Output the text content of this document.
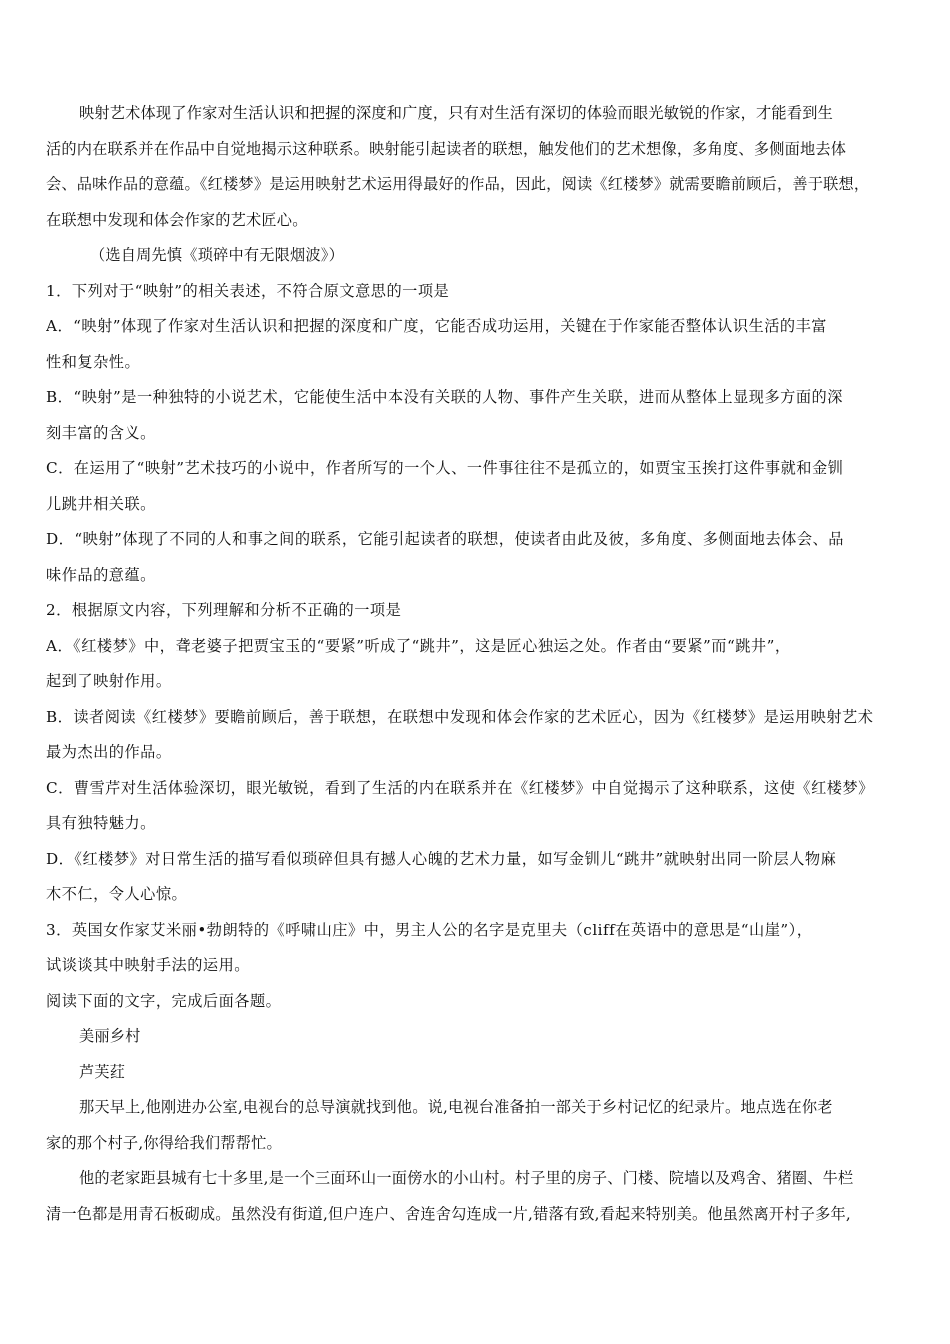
映射艺术体现了作家对生活认识和把握的深度和广度，只有对生活有深切的体验而眼光敏锐的作家，才能看到生
活的内在联系并在作品中自觉地揭示这种联系。映射能引起读者的联想，触发他们的艺术想像，多角度、多侧面地去体
会、品味作品的意蕴。《红楼梦》是运用映射艺术运用得最好的作品，因此，阅读《红楼梦》就需要瞻前顾后，善于联想，
在联想中发现和体会作家的艺术匠心。
（选自周先慎《琐碎中有无限烟波》）
1．下列对于“映射”的相关表述，不符合原文意思的一项是
A．“映射”体现了作家对生活认识和把握的深度和广度，它能否成功运用，关键在于作家能否整体认识生活的丰富
性和复杂性。
B．“映射”是一种独特的小说艺术，它能使生活中本没有关联的人物、事件产生关联，进而从整体上显现多方面的深
刻丰富的含义。
C．在运用了“映射”艺术技巧的小说中，作者所写的一个人、一件事往往不是孤立的，如贾宝玉挨打这件事就和金钏
儿跳井相关联。
D．“映射”体现了不同的人和事之间的联系，它能引起读者的联想，使读者由此及彼，多角度、多侧面地去体会、品
味作品的意蕴。
2．根据原文内容，下列理解和分析不正确的一项是
A．《红楼梦》中，聋老婆子把贾宝玉的“要紧”听成了“跳井”，这是匠心独运之处。作者由“要紧”而“跳井”，
起到了映射作用。
B．读者阅读《红楼梦》要瞻前顾后，善于联想，在联想中发现和体会作家的艺术匠心，因为《红楼梦》是运用映射艺术
最为杰出的作品。
C．曹雪芹对生活体验深切，眼光敏锐，看到了生活的内在联系并在《红楼梦》中自觉揭示了这种联系，这使《红楼梦》
具有独特魅力。
D．《红楼梦》对日常生活的描写看似琐碎但具有撼人心魄的艺术力量，如写金钏儿“跳井”就映射出同一阶层人物麻
木不仁，令人心惊。
3．英国女作家艾米丽•勃朗特的《呼啸山庄》中，男主人公的名字是克里夫（cliff在英语中的意思是“山崖”），
试谈谈其中映射手法的运用。
阅读下面的文字，完成后面各题。
美丽乡村
芦芙荭
那天早上,他刚进办公室,电视台的总导演就找到他。说,电视台准备拍一部关于乡村记忆的纪录片。地点选在你老
家的那个村子,你得给我们帮帮忙。
他的老家距县城有七十多里,是一个三面环山一面傍水的小山村。村子里的房子、门楼、院墙以及鸡舍、猪圈、牛栏
清一色都是用青石板砌成。虽然没有街道,但户连户、舍连舍勾连成一片,错落有致,看起来特别美。他虽然离开村子多年,
